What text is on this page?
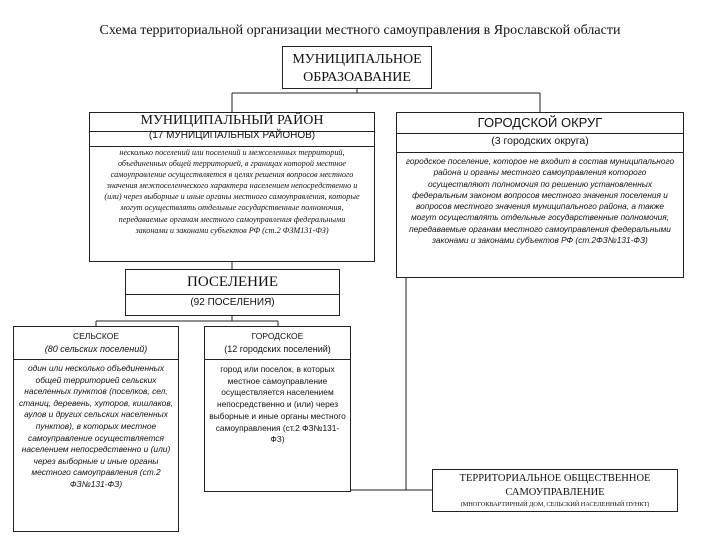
Схема территориальной организации местного самоуправления в Ярославской области
МУНИЦИПАЛЬНОЕ
ОБРАЗОАВАНИЕ
МУНИЦИПАЛЬНЫЙ РАЙОН
(17 МУНИЦИПАЛЬНЫХ РАЙОНОВ)
несколько поселений или поселений и межселенных территорий, объединенных общей территорией, в границах которой местное самоуправление осуществляется в целях решения вопросов местного значения межпоселенческого характера населением непосредственно и (или) через выборные и иные органы местного самоуправления, которые могут осуществлять отдельные государственные полномочия, передаваемые органам местного самоуправления федеральными законами и законами субъектов РФ (ст.2 ФЗМ131-ФЗ)
ГОРОДСКОЙ ОКРУГ
(3 городских округа)
городское поселение, которое не входит в состав муниципального района и органы местного самоуправления которого осуществляют полномочия по решению установленных федеральным законом вопросов местного значения поселения и вопросов местного значения муниципального района, а также могут осуществлять отдельные государственные полномочия, передаваемые органам местного самоуправления федеральными законами и законами субъектов РФ (ст.2ФЗ№131-ФЗ)
ПОСЕЛЕНИЕ
(92 ПОСЕЛЕНИЯ)
СЕЛЬСКОЕ
(80 сельских поселений)
один или несколько объединенных общей территорией сельских населенных пунктов (поселков, сел, станиц, деревень, хуторов, кишлаков, аулов и других сельских населенных пунктов), в которых местное самоуправление осуществляется населением непосредственно и (или) через выборные и иные органы местного самоуправления (ст.2 ФЗ№131-ФЗ)
ГОРОДСКОЕ
(12 городских поселений)
город или поселок, в которых местное самоуправление осуществляется населением непосредственно и (или) через выборные и иные органы местного самоуправления (ст.2 ФЗ№131-ФЗ)
ТЕРРИТОРИАЛЬНОЕ ОБЩЕСТВЕННОЕ
САМОУПРАВЛЕНИЕ
(МНОГОКВАРТИРНЫЙ ДОМ, СЕЛЬСКИЙ НАСЕЛЕННЫЙ ПУНКТ)
